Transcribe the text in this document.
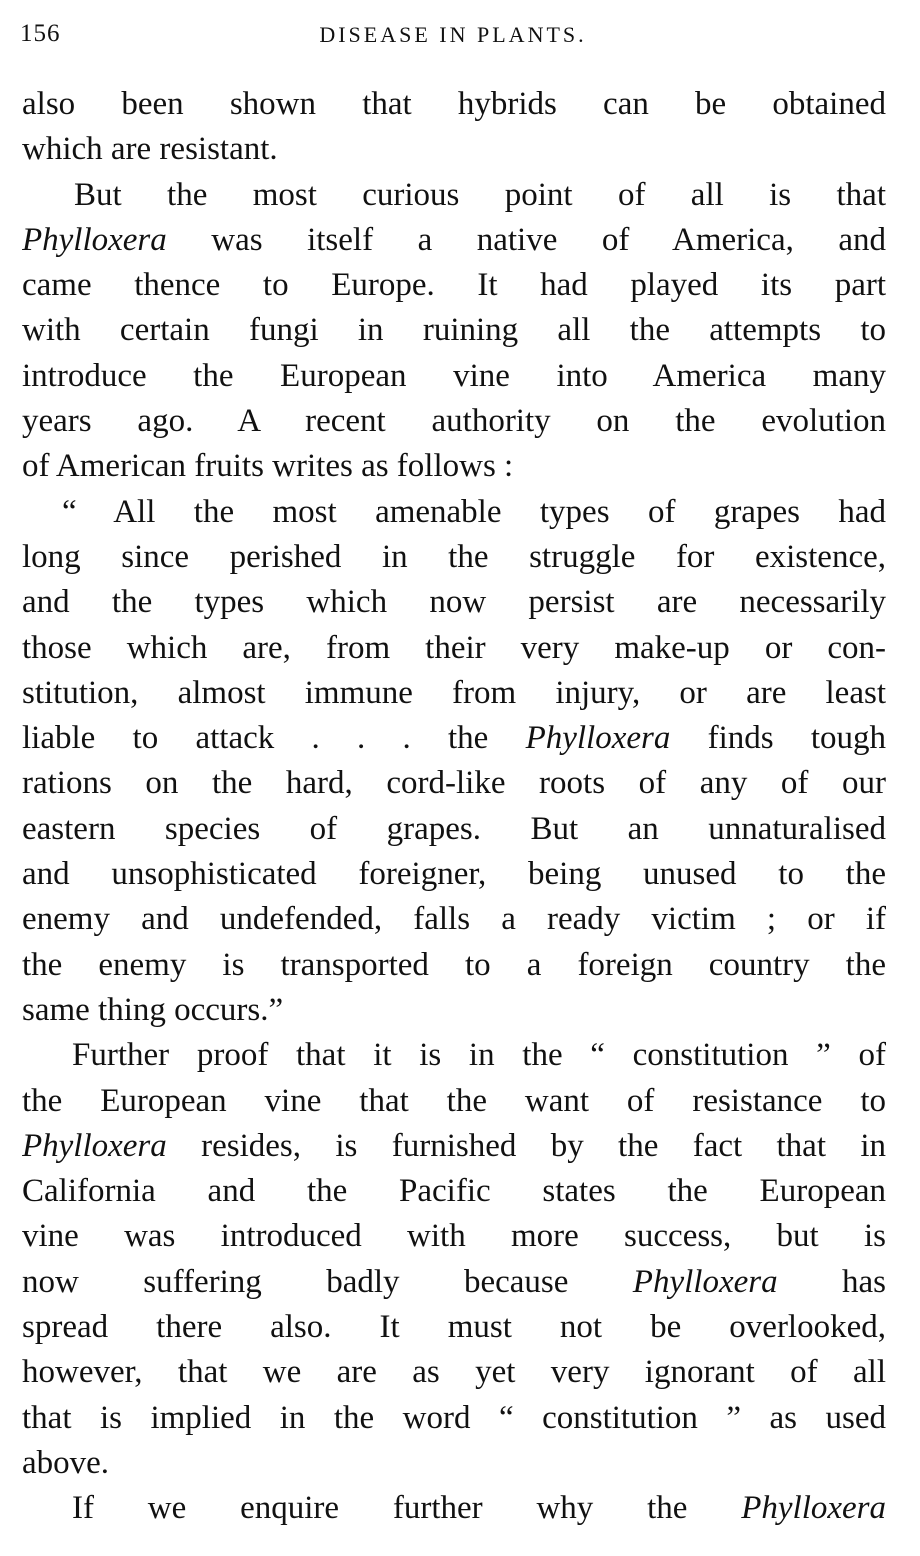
156	DISEASE IN PLANTS.
also been shown that hybrids can be obtained
which are resistant.
But the most curious point of all is that
Phylloxera was itself a native of America, and
came thence to Europe. It had played its part
with certain fungi in ruining all the attempts to
introduce the European vine into America many
years ago. A recent authority on the evolution
of American fruits writes as follows :
“ All the most amenable types of grapes had
long since perished in the struggle for existence,
and the types which now persist are necessarily
those which are, from their very make-up or con-
stitution, almost immune from injury, or are least
liable to attack . . . the Phylloxera finds tough
rations on the hard, cord-like roots of any of our
eastern species of grapes. But an unnaturalised
and unsophisticated foreigner, being unused to the
enemy and undefended, falls a ready victim ; or if
the enemy is transported to a foreign country the
same thing occurs.”
Further proof that it is in the “ constitution ” of
the European vine that the want of resistance to
Phylloxera resides, is furnished by the fact that in
California and the Pacific states the European
vine was introduced with more success, but is
now suffering badly because Phylloxera has
spread there also. It must not be overlooked,
however, that we are as yet very ignorant of all
that is implied in the word “ constitution ” as used
above.
If we enquire further why the Phylloxera
